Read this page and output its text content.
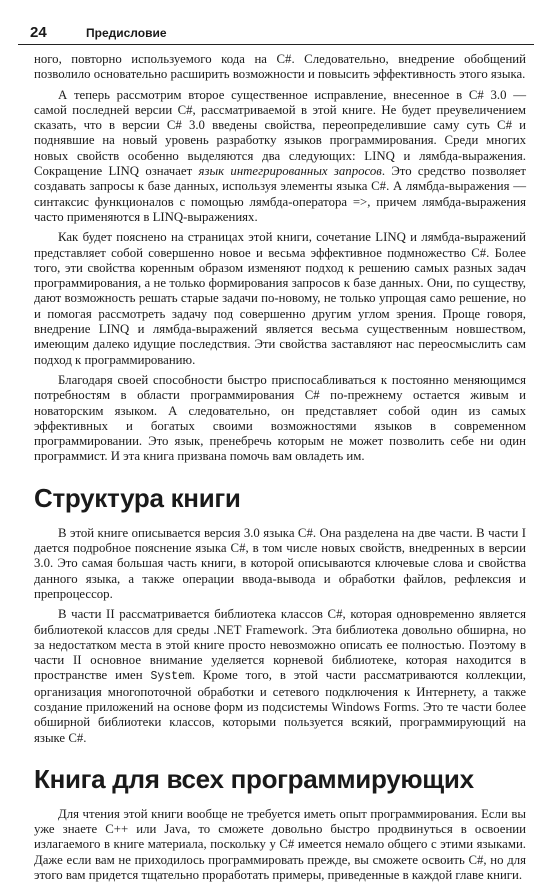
24	Предисловие

ного, повторно используемого кода на C#. Следовательно, внедрение обобщений позволило основательно расширить возможности и повысить эффективность этого языка.

А теперь рассмотрим второе существенное исправление, внесенное в C# 3.0 — самой последней версии C#, рассматриваемой в этой книге. Не будет преувеличением сказать, что в версии C# 3.0 введены свойства, переопределившие саму суть C# и поднявшие на новый уровень разработку языков программирования. Среди многих новых свойств особенно выделяются два следующих: LINQ и лямбда-выражения. Сокращение LINQ означает язык интегрированных запросов. Это средство позволяет создавать запросы к базе данных, используя элементы языка C#. А лямбда-выражения — синтаксис функционалов с помощью лямбда-оператора =>, причем лямбда-выражения часто применяются в LINQ-выражениях.

Как будет пояснено на страницах этой книги, сочетание LINQ и лямбда-выражений представляет собой совершенно новое и весьма эффективное подмножество C#. Более того, эти свойства коренным образом изменяют подход к решению самых разных задач программирования, а не только формирования запросов к базе данных. Они, по существу, дают возможность решать старые задачи по-новому, не только упрощая само решение, но и помогая рассмотреть задачу под совершенно другим углом зрения. Проще говоря, внедрение LINQ и лямбда-выражений является весьма существенным новшеством, имеющим далеко идущие последствия. Эти свойства заставляют нас переосмыслить сам подход к программированию.

Благодаря своей способности быстро приспосабливаться к постоянно меняющимся потребностям в области программирования C# по-прежнему остается живым и новаторским языком. А следовательно, он представляет собой один из самых эффективных и богатых своими возможностями языков в современном программировании. Это язык, пренебречь которым не может позволить себе ни один программист. И эта книга призвана помочь вам овладеть им.

Структура книги

В этой книге описывается версия 3.0 языка C#. Она разделена на две части. В части I дается подробное пояснение языка C#, в том числе новых свойств, внедренных в версии 3.0. Это самая большая часть книги, в которой описываются ключевые слова и свойства данного языка, а также операции ввода-вывода и обработки файлов, рефлексия и препроцессор.

В части II рассматривается библиотека классов C#, которая одновременно является библиотекой классов для среды .NET Framework. Эта библиотека довольно обширна, но за недостатком места в этой книге просто невозможно описать ее полностью. Поэтому в части II основное внимание уделяется корневой библиотеке, которая находится в пространстве имен System. Кроме того, в этой части рассматриваются коллекции, организация многопоточной обработки и сетевого подключения к Интернету, а также создание приложений на основе форм из подсистемы Windows Forms. Это те части более обширной библиотеки классов, которыми пользуется всякий, программирующий на языке C#.

Книга для всех программирующих

Для чтения этой книги вообще не требуется иметь опыт программирования. Если вы уже знаете C++ или Java, то сможете довольно быстро продвинуться в освоении излагаемого в книге материала, поскольку у C# имеется немало общего с этими языками. Даже если вам не приходилось программировать прежде, вы сможете освоить C#, но для этого вам придется тщательно проработать примеры, приведенные в каждой главе книги.
